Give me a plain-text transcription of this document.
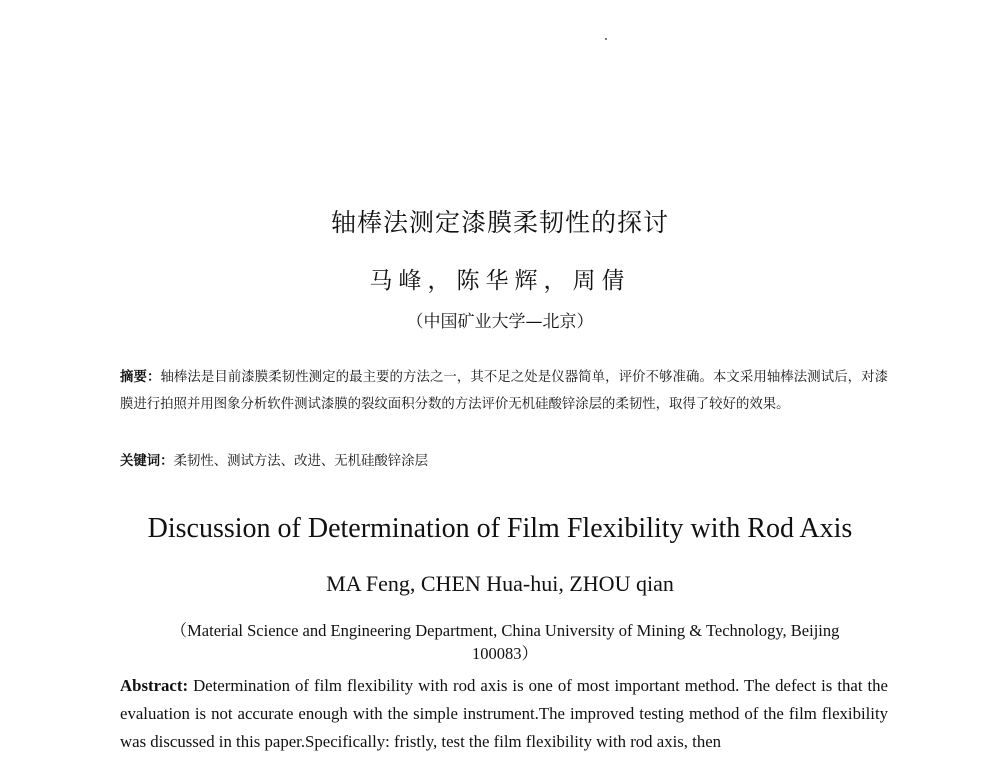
轴棒法测定漆膜柔韧性的探讨
马峰，陈华辉，周倩
（中国矿业大学—北京）
摘要：轴棒法是目前漆膜柔韧性测定的最主要的方法之一，其不足之处是仪器简单，评价不够准确。本文采用轴棒法测试后，对漆膜进行拍照并用图象分析软件测试漆膜的裂纹面积分数的方法评价无机硅酸锌涂层的柔韧性，取得了较好的效果。
关键词：柔韧性、测试方法、改进、无机硅酸锌涂层
Discussion of Determination of Film Flexibility with Rod Axis
MA Feng, CHEN Hua-hui, ZHOU qian
（Material Science and Engineering Department, China University of Mining & Technology, Beijing 100083）
Abstract: Determination of film flexibility with rod axis is one of most important method. The defect is that the evaluation is not accurate enough with the simple instrument.The improved testing method of the film flexibility was discussed in this paper.Specifically: fristly, test the film flexibility with rod axis, then
